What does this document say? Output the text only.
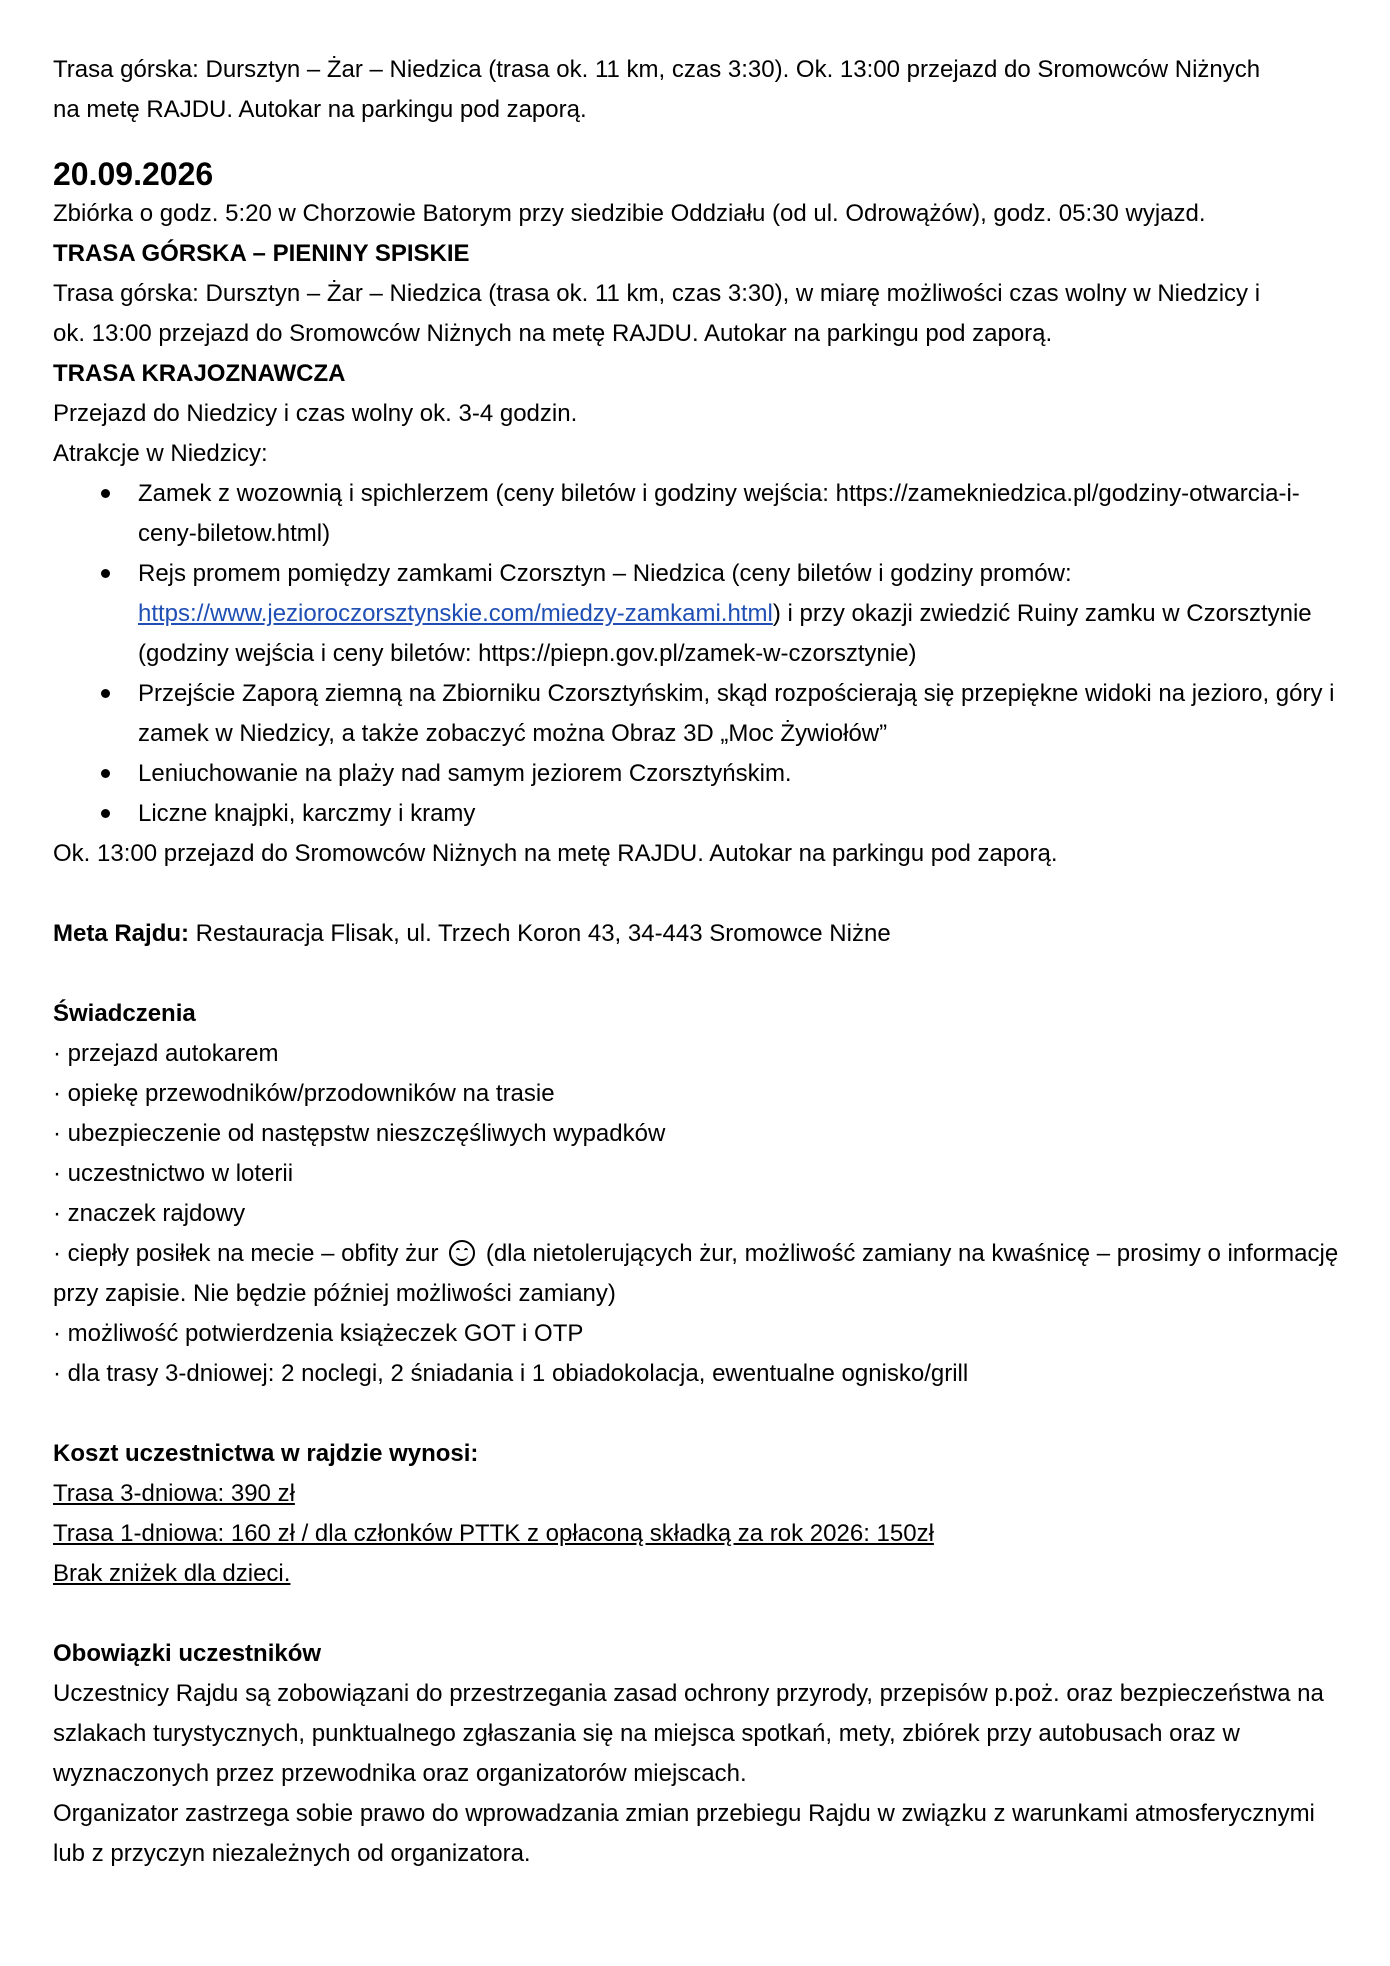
Trasa górska: Dursztyn – Żar – Niedzica (trasa ok. 11 km, czas 3:30). Ok. 13:00 przejazd do Sromowców Niżnych

na metę RAJDU. Autokar na parkingu pod zaporą.

20.09.2026

Zbiórka o godz. 5:20 w Chorzowie Batorym przy siedzibie Oddziału (od ul. Odrowążów), godz. 05:30 wyjazd.

TRASA GÓRSKA – PIENINY SPISKIE

Trasa górska: Dursztyn – Żar – Niedzica (trasa ok. 11 km, czas 3:30), w miarę możliwości czas wolny w Niedzicy i

ok. 13:00 przejazd do Sromowców Niżnych na metę RAJDU. Autokar na parkingu pod zaporą.

TRASA KRAJOZNAWCZA

Przejazd do Niedzicy i czas wolny ok. 3-4 godzin.

Atrakcje w Niedzicy:

Zamek z wozownią i spichlerzem (ceny biletów i godziny wejścia: https://zamekniedzica.pl/godziny-otwarcia-i-ceny-biletow.html)
Rejs promem pomiędzy zamkami Czorsztyn – Niedzica (ceny biletów i godziny promów: https://www.jezioroczorsztynskie.com/miedzy-zamkami.html) i przy okazji zwiedzić Ruiny zamku w Czorsztynie (godziny wejścia i ceny biletów: https://piepn.gov.pl/zamek-w-czorsztynie)
Przejście Zaporą ziemną na Zbiorniku Czorsztyńskim, skąd rozpościerają się przepiękne widoki na jezioro, góry i zamek w Niedzicy, a także zobaczyć można Obraz 3D „Moc Żywiołów”
Leniuchowanie na plaży nad samym jeziorem Czorsztyńskim.
Liczne knajpki, karczmy i kramy

Ok. 13:00 przejazd do Sromowców Niżnych na metę RAJDU. Autokar na parkingu pod zaporą.

Meta Rajdu: Restauracja Flisak, ul. Trzech Koron 43, 34-443 Sromowce Niżne

Świadczenia

· przejazd autokarem

· opiekę przewodników/przodowników na trasie

· ubezpieczenie od następstw nieszczęśliwych wypadków

· uczestnictwo w loterii

· znaczek rajdowy

· ciepły posiłek na mecie – obfity żur
(dla nietolerujących żur, możliwość zamiany na kwaśnicę – prosimy o informację przy zapisie. Nie będzie później możliwości zamiany)

· możliwość potwierdzenia książeczek GOT i OTP

· dla trasy 3-dniowej: 2 noclegi, 2 śniadania i 1 obiadokolacja, ewentualne ognisko/grill

Koszt uczestnictwa w rajdzie wynosi:

Trasa 3-dniowa: 390 zł

Trasa 1-dniowa: 160 zł / dla członków PTTK z opłaconą składką za rok 2026: 150zł

Brak zniżek dla dzieci.

Obowiązki uczestników

Uczestnicy Rajdu są zobowiązani do przestrzegania zasad ochrony przyrody, przepisów p.poż. oraz bezpieczeństwa na szlakach turystycznych, punktualnego zgłaszania się na miejsca spotkań, mety, zbiórek przy autobusach oraz w wyznaczonych przez przewodnika oraz organizatorów miejscach.

Organizator zastrzega sobie prawo do wprowadzania zmian przebiegu Rajdu w związku z warunkami atmosferycznymi lub z przyczyn niezależnych od organizatora.
